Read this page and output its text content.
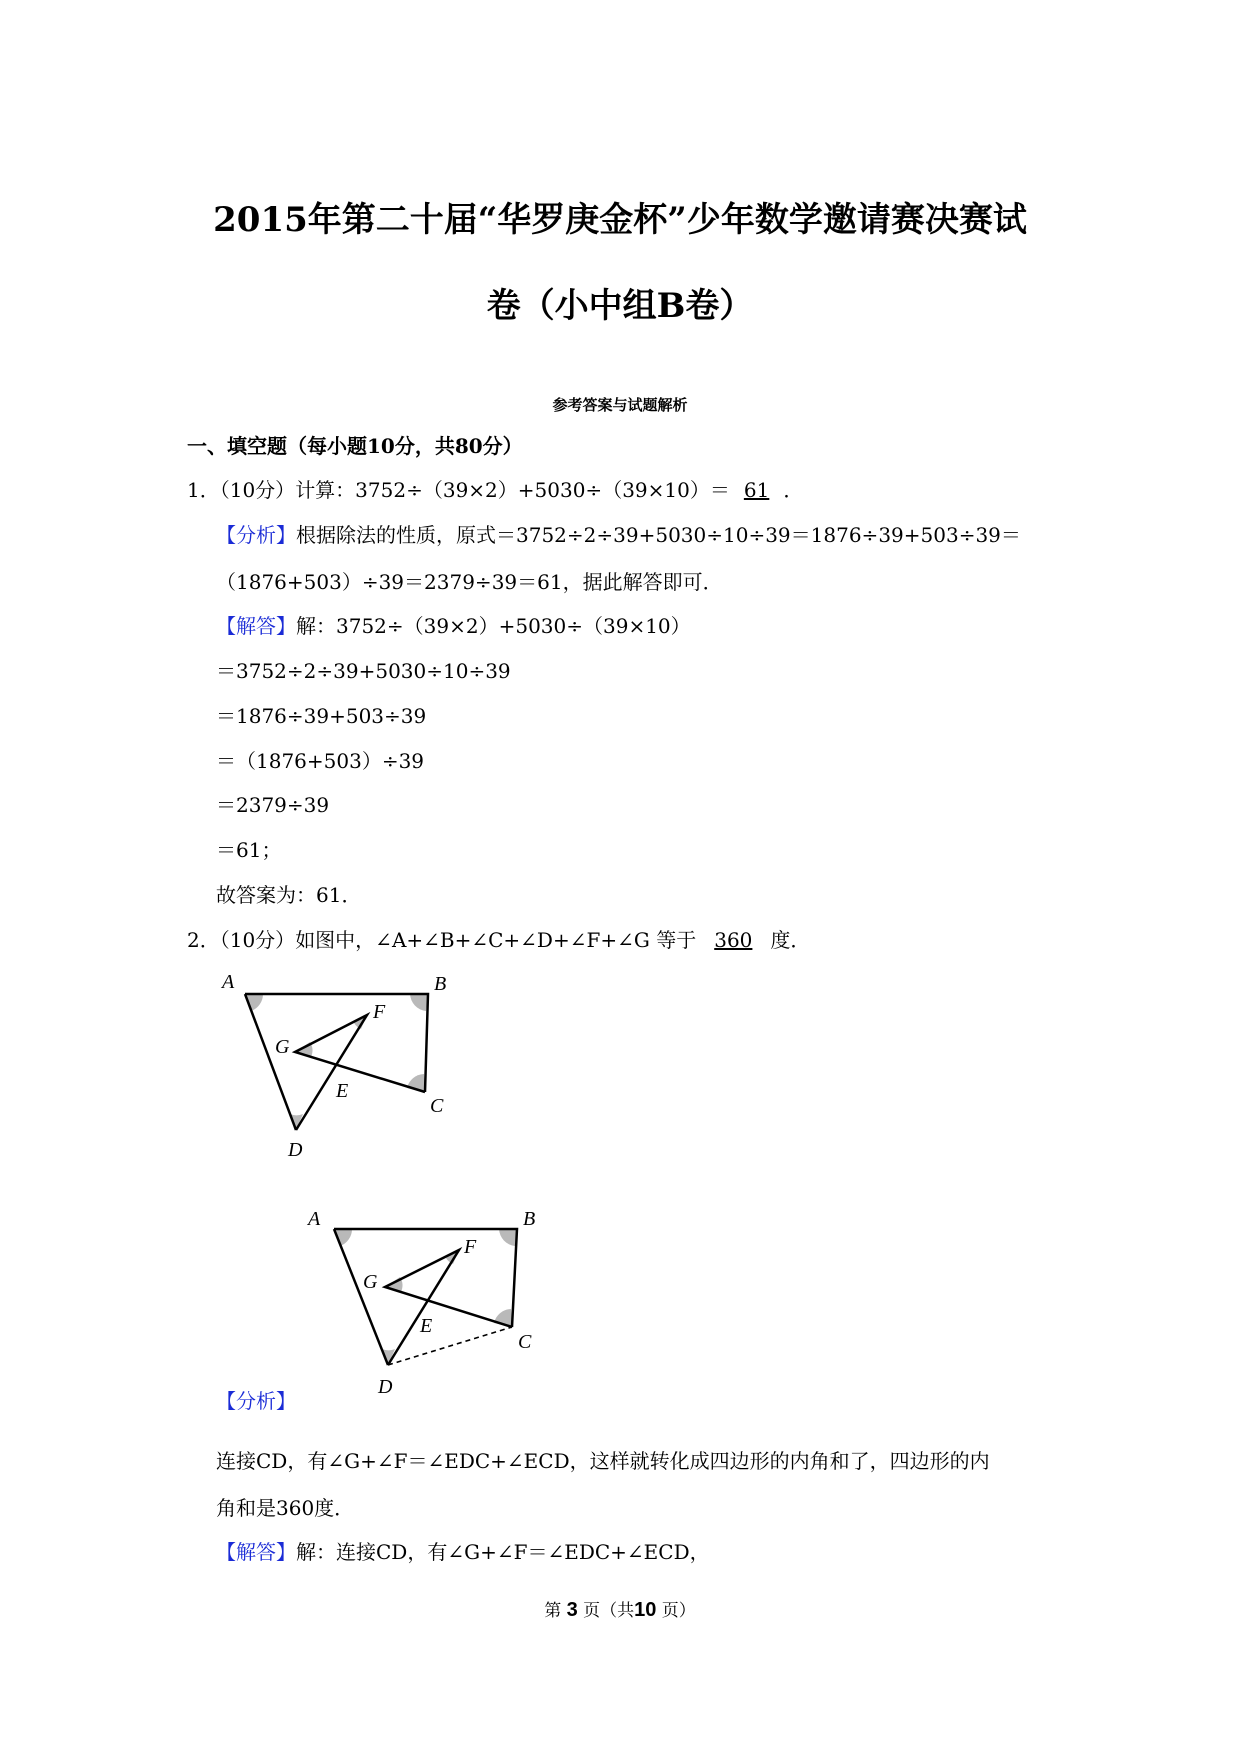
2015年第二十届“华罗庚金杯”少年数学邀请赛决赛试
卷（小中组B卷）
参考答案与试题解析
一、填空题（每小题10分，共80分）
1．（10分）计算：3752÷（39×2）+5030÷（39×10）＝ 61 ．
【分析】根据除法的性质，原式＝3752÷2÷39+5030÷10÷39＝1876÷39+503÷39＝
（1876+503）÷39＝2379÷39＝61，据此解答即可．
【解答】解：3752÷（39×2）+5030÷（39×10）
＝3752÷2÷39+5030÷10÷39
＝1876÷39+503÷39
＝（1876+503）÷39
＝2379÷39
＝61；
故答案为：61．
2．（10分）如图中，∠A+∠B+∠C+∠D+∠F+∠G 等于 360 度．
A	B
C
D
E
F
G
A	B
C
D
E
F
G
【分析】
连接CD，有∠G+∠F＝∠EDC+∠ECD，这样就转化成四边形的内角和了，四边形的内
角和是360度．
【解答】解：连接CD，有∠G+∠F＝∠EDC+∠ECD，
第 3 页（共10 页）
